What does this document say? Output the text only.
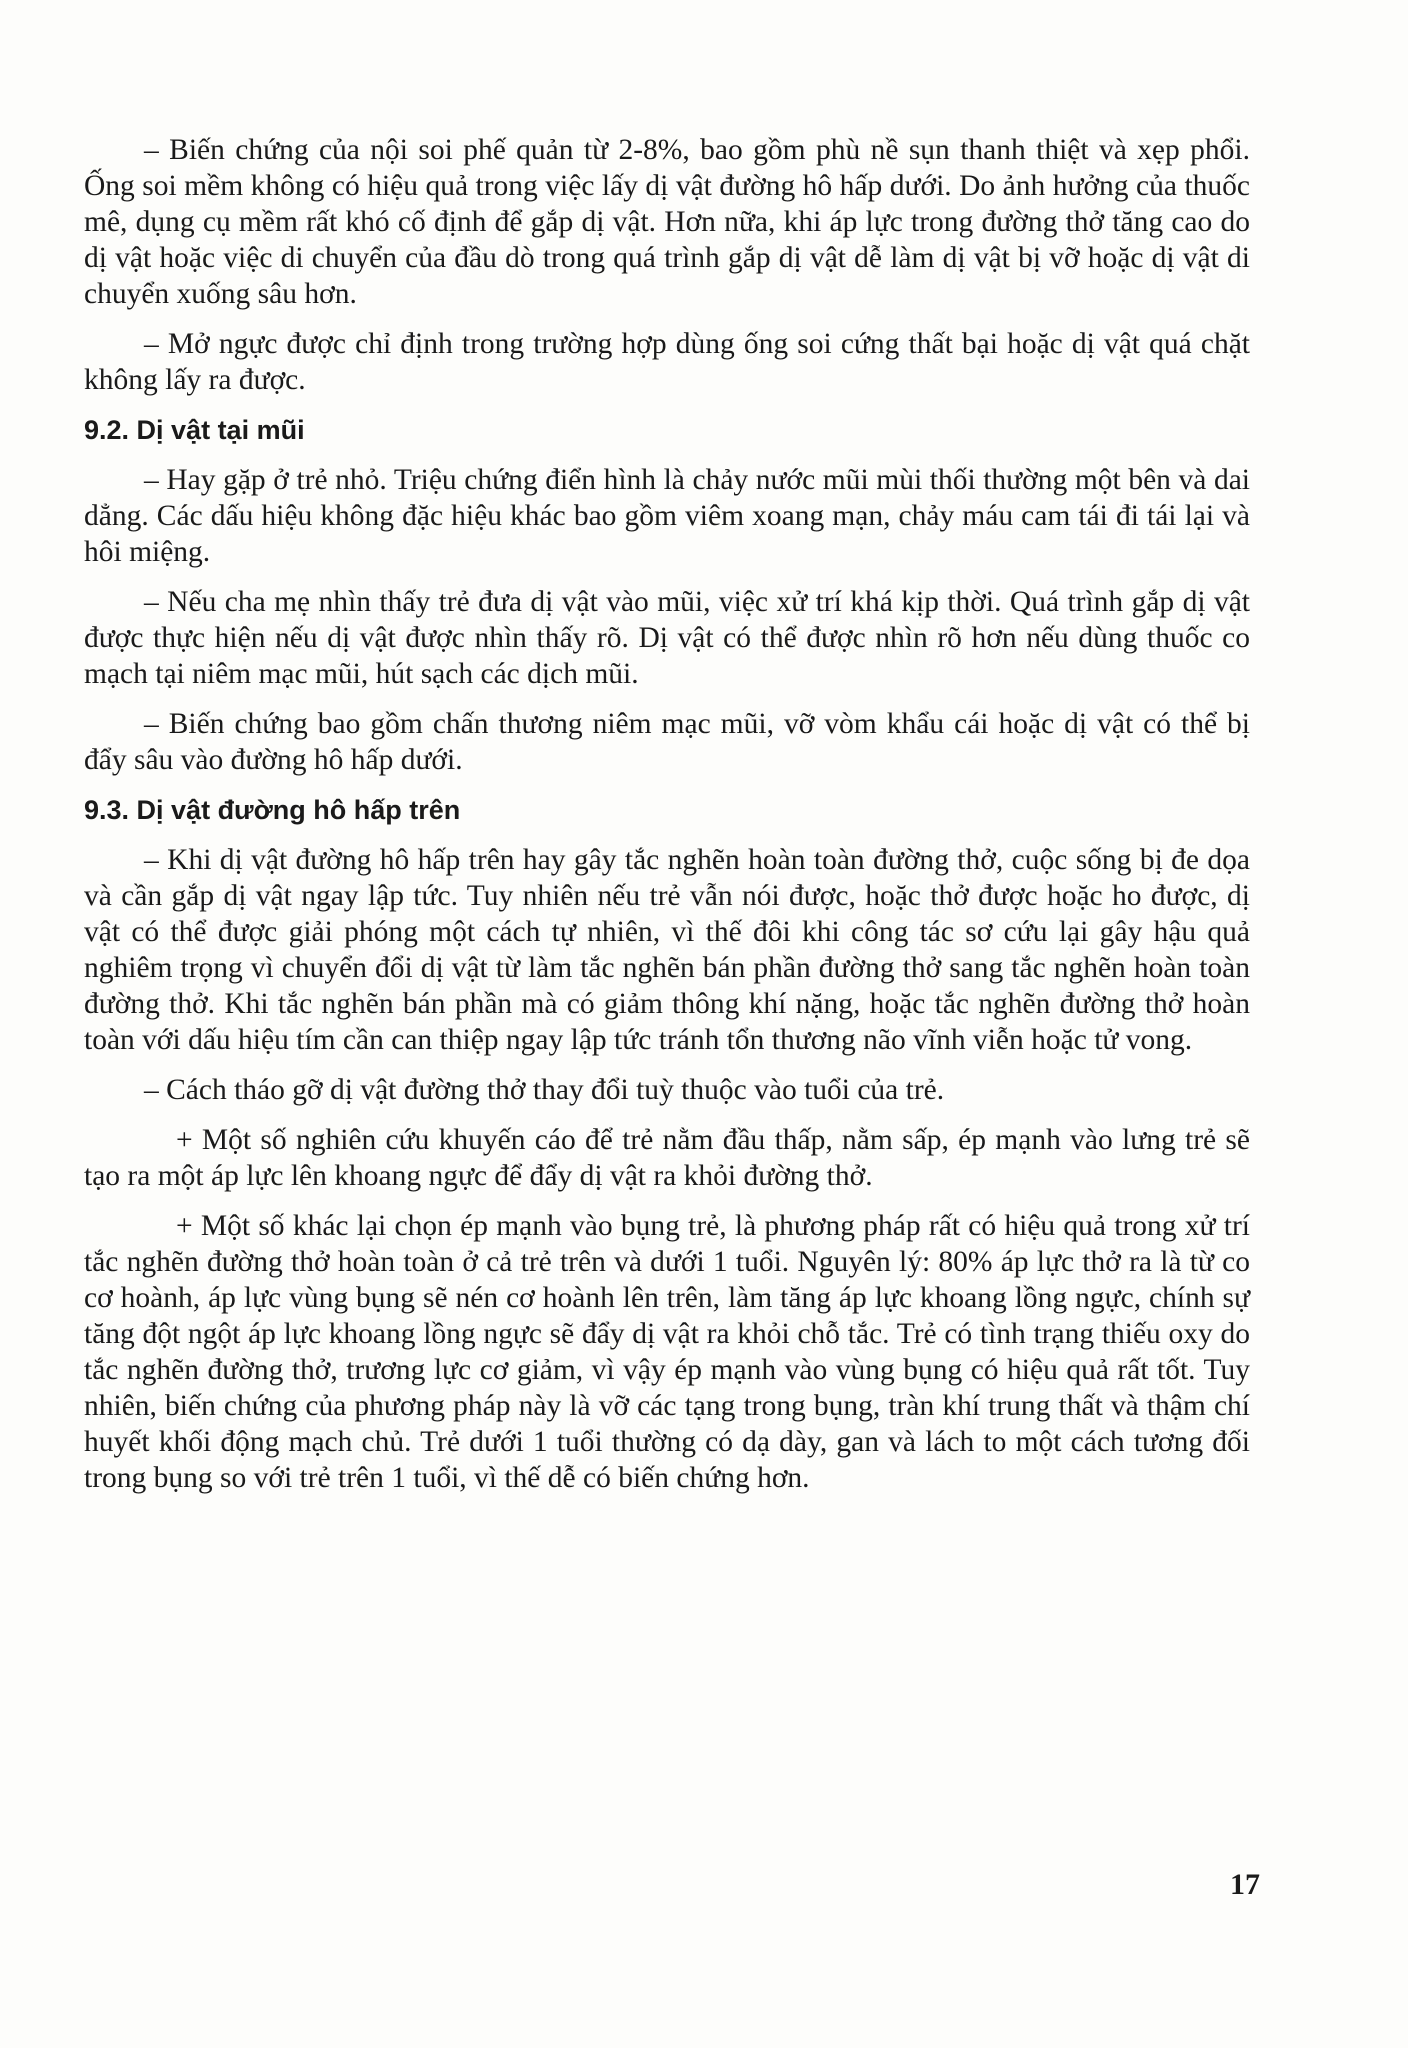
– Biến chứng của nội soi phế quản từ 2-8%, bao gồm phù nề sụn thanh thiệt và xẹp phổi. Ống soi mềm không có hiệu quả trong việc lấy dị vật đường hô hấp dưới. Do ảnh hưởng của thuốc mê, dụng cụ mềm rất khó cố định để gắp dị vật. Hơn nữa, khi áp lực trong đường thở tăng cao do dị vật hoặc việc di chuyển của đầu dò trong quá trình gắp dị vật dễ làm dị vật bị vỡ hoặc dị vật di chuyển xuống sâu hơn.

– Mở ngực được chỉ định trong trường hợp dùng ống soi cứng thất bại hoặc dị vật quá chặt không lấy ra được.

9.2. Dị vật tại mũi

– Hay gặp ở trẻ nhỏ. Triệu chứng điển hình là chảy nước mũi mùi thối thường một bên và dai dẳng. Các dấu hiệu không đặc hiệu khác bao gồm viêm xoang mạn, chảy máu cam tái đi tái lại và hôi miệng.

– Nếu cha mẹ nhìn thấy trẻ đưa dị vật vào mũi, việc xử trí khá kịp thời. Quá trình gắp dị vật được thực hiện nếu dị vật được nhìn thấy rõ. Dị vật có thể được nhìn rõ hơn nếu dùng thuốc co mạch tại niêm mạc mũi, hút sạch các dịch mũi.

– Biến chứng bao gồm chấn thương niêm mạc mũi, vỡ vòm khẩu cái hoặc dị vật có thể bị đẩy sâu vào đường hô hấp dưới.

9.3. Dị vật đường hô hấp trên

– Khi dị vật đường hô hấp trên hay gây tắc nghẽn hoàn toàn đường thở, cuộc sống bị đe dọa và cần gắp dị vật ngay lập tức. Tuy nhiên nếu trẻ vẫn nói được, hoặc thở được hoặc ho được, dị vật có thể được giải phóng một cách tự nhiên, vì thế đôi khi công tác sơ cứu lại gây hậu quả nghiêm trọng vì chuyển đổi dị vật từ làm tắc nghẽn bán phần đường thở sang tắc nghẽn hoàn toàn đường thở. Khi tắc nghẽn bán phần mà có giảm thông khí nặng, hoặc tắc nghẽn đường thở hoàn toàn với dấu hiệu tím cần can thiệp ngay lập tức tránh tổn thương não vĩnh viễn hoặc tử vong.

– Cách tháo gỡ dị vật đường thở thay đổi tuỳ thuộc vào tuổi của trẻ.

+ Một số nghiên cứu khuyến cáo để trẻ nằm đầu thấp, nằm sấp, ép mạnh vào lưng trẻ sẽ tạo ra một áp lực lên khoang ngực để đẩy dị vật ra khỏi đường thở.

+ Một số khác lại chọn ép mạnh vào bụng trẻ, là phương pháp rất có hiệu quả trong xử trí tắc nghẽn đường thở hoàn toàn ở cả trẻ trên và dưới 1 tuổi. Nguyên lý: 80% áp lực thở ra là từ co cơ hoành, áp lực vùng bụng sẽ nén cơ hoành lên trên, làm tăng áp lực khoang lồng ngực, chính sự tăng đột ngột áp lực khoang lồng ngực sẽ đẩy dị vật ra khỏi chỗ tắc. Trẻ có tình trạng thiếu oxy do tắc nghẽn đường thở, trương lực cơ giảm, vì vậy ép mạnh vào vùng bụng có hiệu quả rất tốt. Tuy nhiên, biến chứng của phương pháp này là vỡ các tạng trong bụng, tràn khí trung thất và thậm chí huyết khối động mạch chủ. Trẻ dưới 1 tuổi thường có dạ dày, gan và lách to một cách tương đối trong bụng so với trẻ trên 1 tuổi, vì thế dễ có biến chứng hơn.

17
